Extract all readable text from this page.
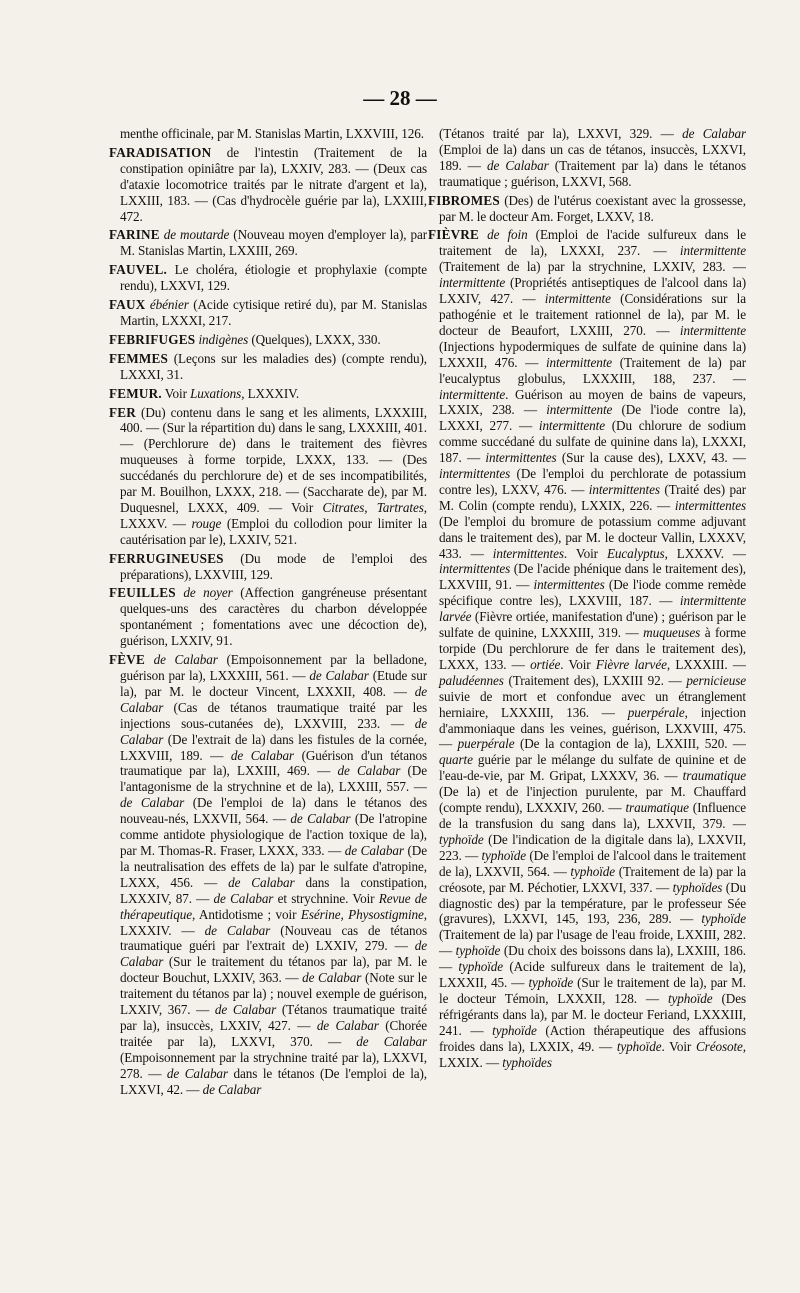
— 28 —

menthe officinale, par M. Stanislas Martin, LXXVIII, 126.

FARADISATION de l'intestin (Traitement de la constipation opiniâtre par la), LXXIV, 283. — (Deux cas d'ataxie locomotrice traités par le nitrate d'argent et la), LXXIII, 183. — (Cas d'hydrocèle guérie par la), LXXIII, 472.

FARINE de moutarde (Nouveau moyen d'employer la), par M. Stanislas Martin, LXXIII, 269.

FAUVEL. Le choléra, étiologie et prophylaxie (compte rendu), LXXVI, 129.

FAUX ébénier (Acide cytisique retiré du), par M. Stanislas Martin, LXXXI, 217.

FEBRIFUGES indigènes (Quelques), LXXX, 330.

FEMMES (Leçons sur les maladies des) (compte rendu), LXXXI, 31.

FEMUR. Voir Luxations, LXXXIV.

FER (Du) contenu dans le sang et les aliments, LXXXIII, 400. — (Sur la répartition du) dans le sang, LXXXIII, 401. — (Perchlorure de) dans le traitement des fièvres muqueuses à forme torpide, LXXX, 133. — (Des succédanés du perchlorure de) et de ses incompatibilités, par M. Bouilhon, LXXX, 218. — (Saccharate de), par M. Duquesnel, LXXX, 409. — Voir Citrates, Tartrates, LXXXV. — rouge (Emploi du collodion pour limiter la cautérisation par le), LXXIV, 521.

FERRUGINEUSES (Du mode de l'emploi des préparations), LXXVIII, 129.

FEUILLES de noyer (Affection gangréneuse présentant quelques-uns des caractères du charbon développée spontanément ; fomentations avec une décoction de), guérison, LXXIV, 91.

FÈVE de Calabar (Empoisonnement par la belladone, guérison par la), LXXXIII, 561. — de Calabar (Etude sur la), par M. le docteur Vincent, LXXXII, 408. — de Calabar (Cas de tétanos traumatique traité par les injections sous-cutanées de), LXXVIII, 233. — de Calabar (De l'extrait de la) dans les fistules de la cornée, LXXVIII, 189. — de Calabar (Guérison d'un tétanos traumatique par la), LXXIII, 469. — de Calabar (De l'antagonisme de la strychnine et de la), LXXIII, 557. — de Calabar (De l'emploi de la) dans le tétanos des nouveau-nés, LXXVII, 564. — de Calabar (De l'atropine comme antidote physiologique de l'action toxique de la), par M. Thomas-R. Fraser, LXXX, 333. — de Calabar (De la neutralisation des effets de la) par le sulfate d'atropine, LXXX, 456. — de Calabar dans la constipation, LXXXIV, 87. — de Calabar et strychnine. Voir Revue de thérapeutique, Antidotisme ; voir Esérine, Physostigmine, LXXXIV. — de Calabar (Nouveau cas de tétanos traumatique guéri par l'extrait de) LXXIV, 279. — de Calabar (Sur le traitement du tétanos par la), par M. le docteur Bouchut, LXXIV, 363. — de Calabar (Note sur le traitement du tétanos par la) ; nouvel exemple de guérison, LXXIV, 367. — de Calabar (Tétanos traumatique traité par la), insuccès, LXXIV, 427. — de Calabar (Chorée traitée par la), LXXVI, 370. — de Calabar (Empoisonnement par la strychnine traité par la), LXXVI, 278. — de Calabar dans le tétanos (De l'emploi de la), LXXVI, 42. — de Calabar

(Tétanos traité par la), LXXVI, 329. — de Calabar (Emploi de la) dans un cas de tétanos, insuccès, LXXVI, 189. — de Calabar (Traitement par la) dans le tétanos traumatique ; guérison, LXXVI, 568.

FIBROMES (Des) de l'utérus coexistant avec la grossesse, par M. le docteur Am. Forget, LXXV, 18.

FIÈVRE de foin (Emploi de l'acide sulfureux dans le traitement de la), LXXXI, 237. — intermittente (Traitement de la) par la strychnine, LXXIV, 283. — intermittente (Propriétés antiseptiques de l'alcool dans la) LXXIV, 427. — intermittente (Considérations sur la pathogénie et le traitement rationnel de la), par M. le docteur de Beaufort, LXXIII, 270. — intermittente (Injections hypodermiques de sulfate de quinine dans la) LXXXII, 476. — intermittente (Traitement de la) par l'eucalyptus globulus, LXXXIII, 188, 237. — intermittente. Guérison au moyen de bains de vapeurs, LXXIX, 238. — intermittente (De l'iode contre la), LXXXI, 277. — intermittente (Du chlorure de sodium comme succédané du sulfate de quinine dans la), LXXXI, 187. — intermittentes (Sur la cause des), LXXV, 43. — intermittentes (De l'emploi du perchlorate de potassium contre les), LXXV, 476. — intermittentes (Traité des) par M. Colin (compte rendu), LXXIX, 226. — intermittentes (De l'emploi du bromure de potassium comme adjuvant dans le traitement des), par M. le docteur Vallin, LXXXV, 433. — intermittentes. Voir Eucalyptus, LXXXV. — intermittentes (De l'acide phénique dans le traitement des), LXXVIII, 91. — intermittentes (De l'iode comme remède spécifique contre les), LXXVIII, 187. — intermittente larvée (Fièvre ortiée, manifestation d'une) ; guérison par le sulfate de quinine, LXXXIII, 319. — muqueuses à forme torpide (Du perchlorure de fer dans le traitement des), LXXX, 133. — ortiée. Voir Fièvre larvée, LXXXIII. — paludéennes (Traitement des), LXXIII 92. — pernicieuse suivie de mort et confondue avec un étranglement herniaire, LXXXIII, 136. — puerpérale, injection d'ammoniaque dans les veines, guérison, LXXVIII, 475. — puerpérale (De la contagion de la), LXXIII, 520. — quarte guérie par le mélange du sulfate de quinine et de l'eau-de-vie, par M. Gripat, LXXXV, 36. — traumatique (De la) et de l'injection purulente, par M. Chauffard (compte rendu), LXXXIV, 260. — traumatique (Influence de la transfusion du sang dans la), LXXVII, 379. — typhoïde (De l'indication de la digitale dans la), LXXVII, 223. — typhoïde (De l'emploi de l'alcool dans le traitement de la), LXXVII, 564. — typhoïde (Traitement de la) par la créosote, par M. Péchotier, LXXVI, 337. — typhoïdes (Du diagnostic des) par la température, par le professeur Sée (gravures), LXXVI, 145, 193, 236, 289. — typhoïde (Traitement de la) par l'usage de l'eau froide, LXXIII, 282. — typhoïde (Du choix des boissons dans la), LXXIII, 186. — typhoïde (Acide sulfureux dans le traitement de la), LXXXII, 45. — typhoïde (Sur le traitement de la), par M. le docteur Témoin, LXXXII, 128. — typhoïde (Des réfrigérants dans la), par M. le docteur Feriand, LXXXIII, 241. — typhoïde (Action thérapeutique des affusions froides dans la), LXXIX, 49. — typhoïde. Voir Créosote, LXXIX. — typhoïdes
